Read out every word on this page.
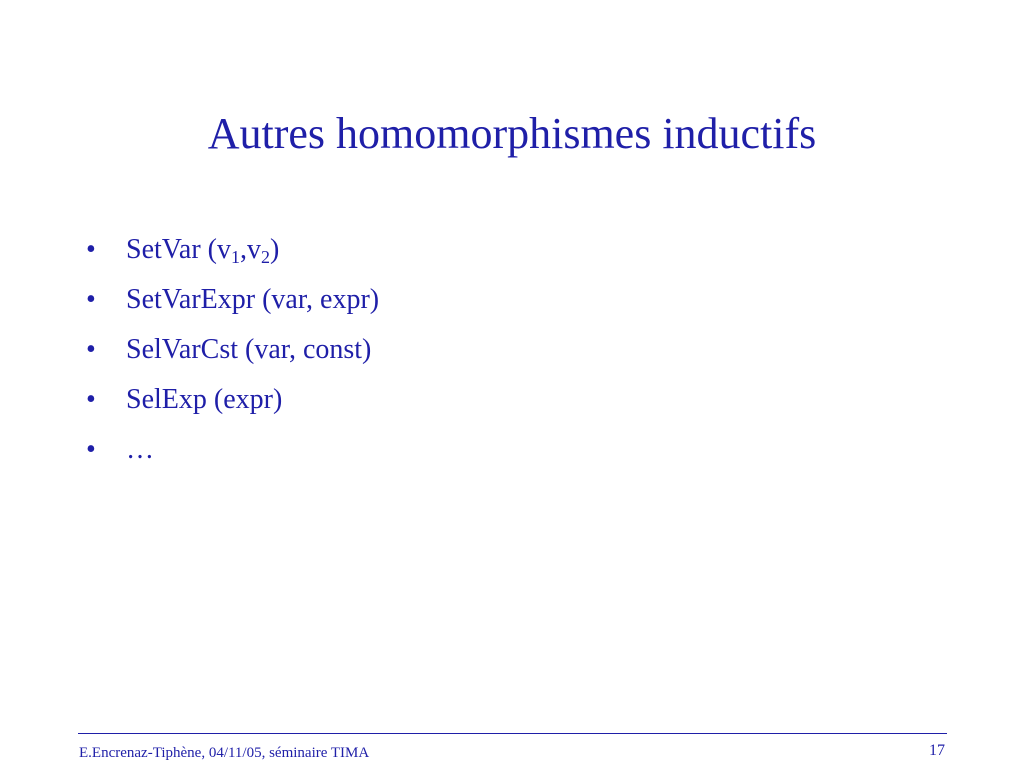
Autres homomorphismes inductifs
•	SetVar $(v_1,v_2)$
•	SetVarExpr (var, expr)
•	SelVarCst (var, const)
•	SelExp (expr)
•	…
E.Encrenaz-Tiphène, 04/11/05, séminaire TIMA	17
